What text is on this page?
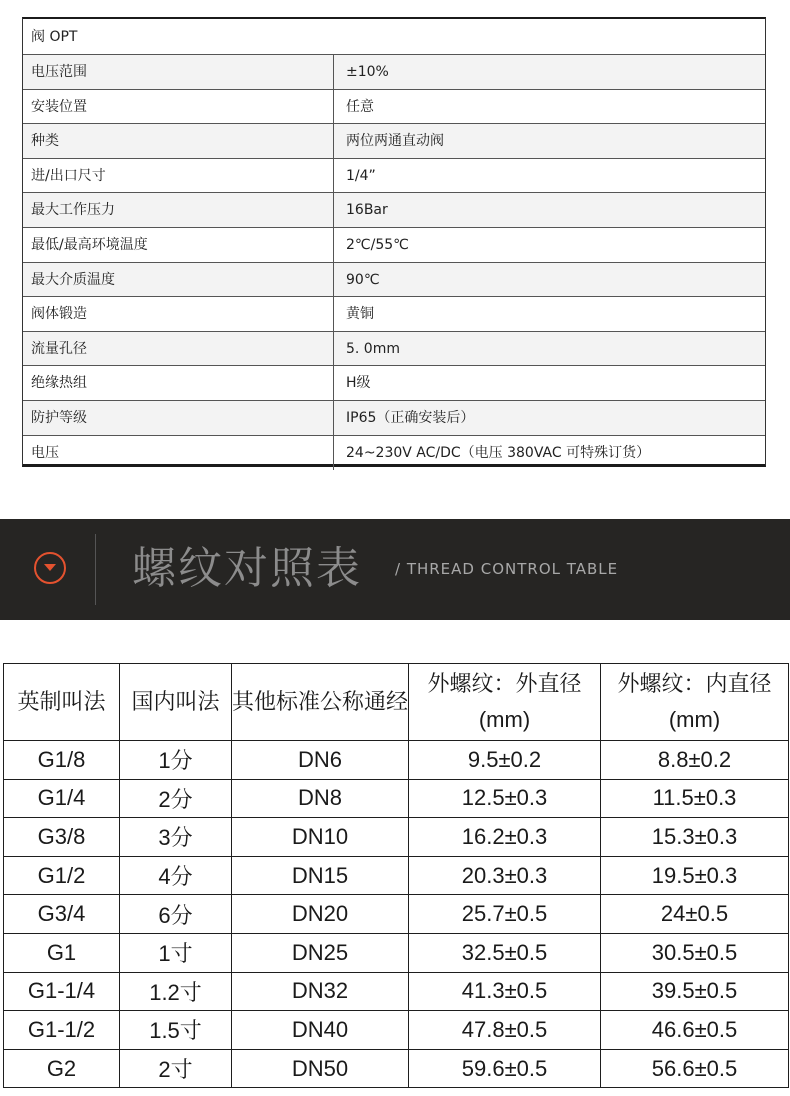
阀 OPT
电压范围	±10%
安装位置	任意
种类	两位两通直动阀
进/出口尺寸	1/4”
最大工作压力	16Bar
最低/最高环境温度	2℃/55℃
最大介质温度	90℃
阀体锻造	黄铜
流量孔径	5. 0mm
绝缘热组	H级
防护等级	IP65（正确安装后）
电压	24~230V AC/DC（电压 380VAC 可特殊订货）
螺纹对照表 / THREAD CONTROL TABLE
英制叫法	国内叫法	其他标准公称通经	外螺纹：外直径(mm)	外螺纹：内直径(mm)
G1/8	1分	DN6	9.5±0.2	8.8±0.2
G1/4	2分	DN8	12.5±0.3	11.5±0.3
G3/8	3分	DN10	16.2±0.3	15.3±0.3
G1/2	4分	DN15	20.3±0.3	19.5±0.3
G3/4	6分	DN20	25.7±0.5	24±0.5
G1	1寸	DN25	32.5±0.5	30.5±0.5
G1-1/4	1.2寸	DN32	41.3±0.5	39.5±0.5
G1-1/2	1.5寸	DN40	47.8±0.5	46.6±0.5
G2	2寸	DN50	59.6±0.5	56.6±0.5
